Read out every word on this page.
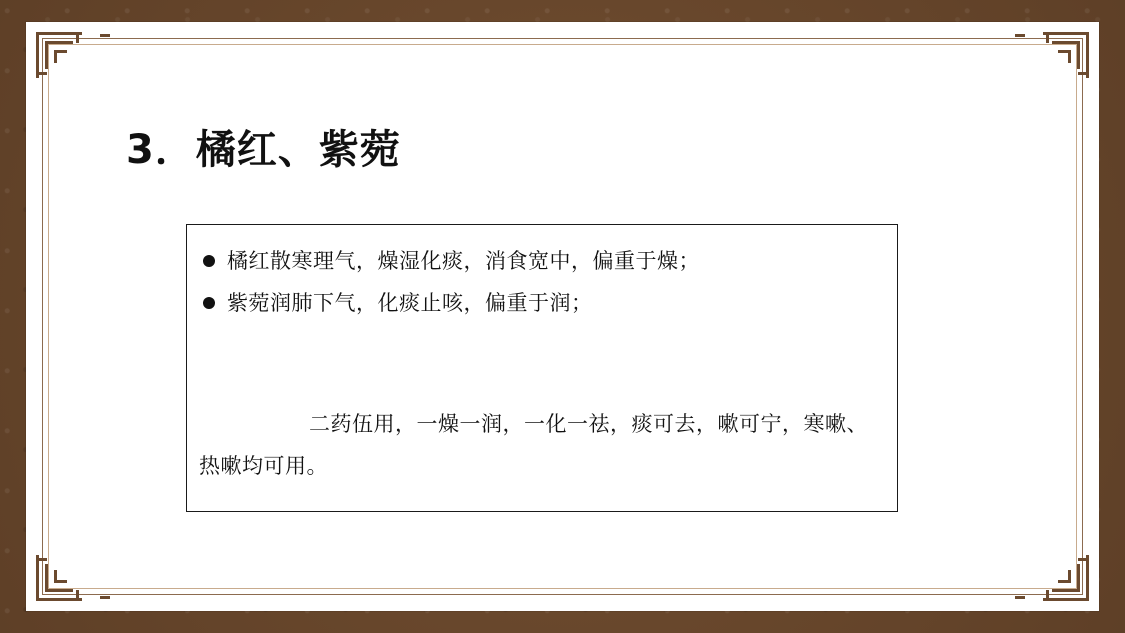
3．橘红、紫菀
橘红散寒理气，燥湿化痰，消食宽中，偏重于燥；
紫菀润肺下气，化痰止咳，偏重于润；
二药伍用，一燥一润，一化一祛，痰可去，嗽可宁，寒嗽、热嗽均可用。
